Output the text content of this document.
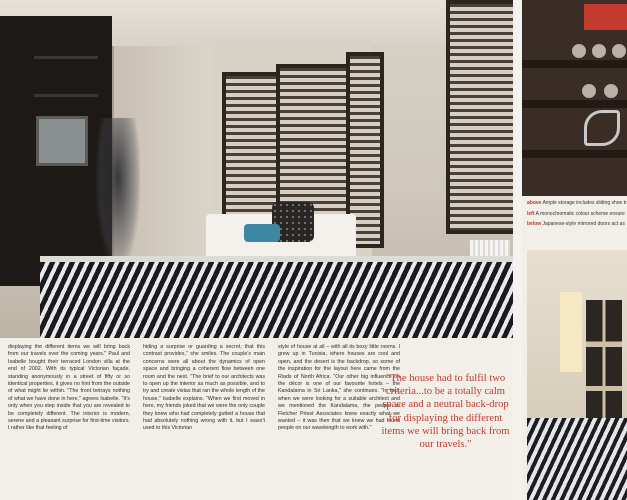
above Ample storage includes sliding shoe tr
left A monochromatic colour scheme ensure
below Japanese-style mirrored doors act as
displaying the different items we will bring back from our travels over the coming years." Paul and Isabelle bought their terraced London villa at the end of 2002. With its typical Victorian façade, standing anonymously in a street of fifty or so identical properties, it gives no hint from the outside of what might lie within. "The front betrays nothing of what we have done in here," agrees Isabelle. "It's only when you step inside that you are revealed to be completely different. The interior is modern, serene and a pleasant surprise for first-time visitors. I rather like that feeling of
hiding a surprise or guarding a secret, that this contrast provides," she smiles. The couple's main concerns were all about the dynamics of open space and bringing a coherent flow between one room and the next. "The brief to our architects was to open up the interior as much as possible, and to try and create vistas that ran the whole length of the house," Isabelle explains. "When we first moved in here, my friends joked that we were the only couple they knew who had completely gutted a house that had absolutely nothing wrong with it, but I wasn't used to this Victorian
style of house at all – with all its boxy little rooms. I grew up in Tunisia, where houses are cool and open, and the desert is the backdrop, so some of the inspiration for the layout here came from the Riads of North Africa. "Our other big influence on the décor is one of our favourite hotels – the Kandalama in Sri Lanka," she continues. "In fact, when we were looking for a suitable architect and we mentioned the Kandalama, the people at Fletcher Priest Associates knew exactly what we wanted – it was then that we knew we had found people on our wavelength to work with."
"The house had to fulfil two criteria...to be a totally calm space and a neutral back-drop for displaying the different items we will bring back from our travels."
